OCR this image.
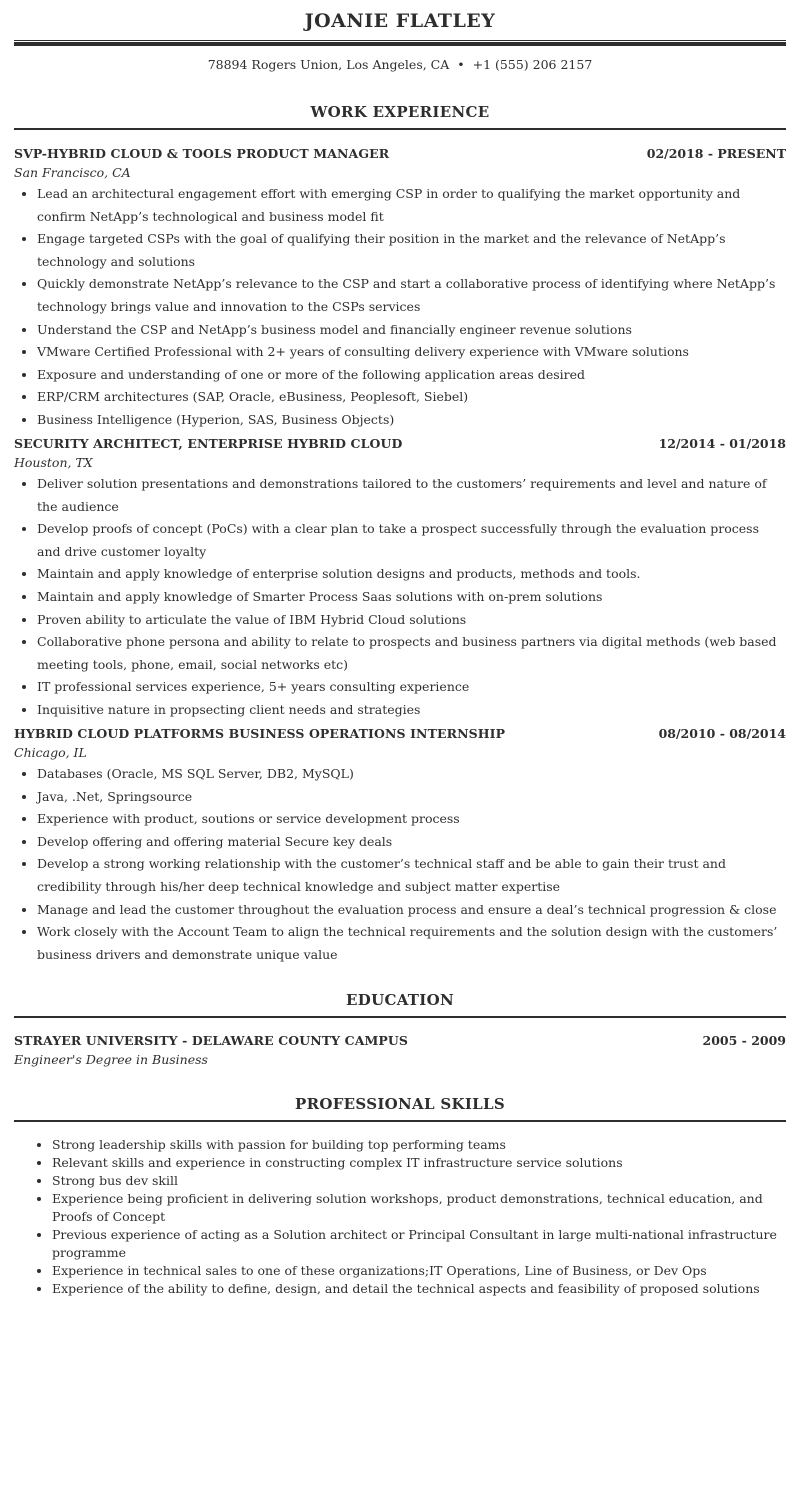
JOANIE FLATLEY
78894 Rogers Union, Los Angeles, CA • +1 (555) 206 2157
WORK EXPERIENCE
SVP-HYBRID CLOUD & TOOLS PRODUCT MANAGER	02/2018 - PRESENT
San Francisco, CA
• Lead an architectural engagement effort with emerging CSP in order to qualifying the market opportunity and confirm NetApp’s technological and business model fit
• Engage targeted CSPs with the goal of qualifying their position in the market and the relevance of NetApp’s technology and solutions
• Quickly demonstrate NetApp’s relevance to the CSP and start a collaborative process of identifying where NetApp’s technology brings value and innovation to the CSPs services
• Understand the CSP and NetApp’s business model and financially engineer revenue solutions
• VMware Certified Professional with 2+ years of consulting delivery experience with VMware solutions
• Exposure and understanding of one or more of the following application areas desired
• ERP/CRM architectures (SAP, Oracle, eBusiness, Peoplesoft, Siebel)
• Business Intelligence (Hyperion, SAS, Business Objects)
SECURITY ARCHITECT, ENTERPRISE HYBRID CLOUD	12/2014 - 01/2018
Houston, TX
• Deliver solution presentations and demonstrations tailored to the customers’ requirements and level and nature of the audience
• Develop proofs of concept (PoCs) with a clear plan to take a prospect successfully through the evaluation process and drive customer loyalty
• Maintain and apply knowledge of enterprise solution designs and products, methods and tools.
• Maintain and apply knowledge of Smarter Process Saas solutions with on-prem solutions
• Proven ability to articulate the value of IBM Hybrid Cloud solutions
• Collaborative phone persona and ability to relate to prospects and business partners via digital methods (web based meeting tools, phone, email, social networks etc)
• IT professional services experience, 5+ years consulting experience
• Inquisitive nature in propsecting client needs and strategies
HYBRID CLOUD PLATFORMS BUSINESS OPERATIONS INTERNSHIP	08/2010 - 08/2014
Chicago, IL
• Databases (Oracle, MS SQL Server, DB2, MySQL)
• Java, .Net, Springsource
• Experience with product, soutions or service development process
• Develop offering and offering material Secure key deals
• Develop a strong working relationship with the customer’s technical staff and be able to gain their trust and credibility through his/her deep technical knowledge and subject matter expertise
• Manage and lead the customer throughout the evaluation process and ensure a deal’s technical progression & close
• Work closely with the Account Team to align the technical requirements and the solution design with the customers’ business drivers and demonstrate unique value
EDUCATION
STRAYER UNIVERSITY - DELAWARE COUNTY CAMPUS	2005 - 2009
Engineer's Degree in Business
PROFESSIONAL SKILLS
• Strong leadership skills with passion for building top performing teams
• Relevant skills and experience in constructing complex IT infrastructure service solutions
• Strong bus dev skill
• Experience being proficient in delivering solution workshops, product demonstrations, technical education, and Proofs of Concept
• Previous experience of acting as a Solution architect or Principal Consultant in large multi-national infrastructure programme
• Experience in technical sales to one of these organizations;IT Operations, Line of Business, or Dev Ops
• Experience of the ability to define, design, and detail the technical aspects and feasibility of proposed solutions
